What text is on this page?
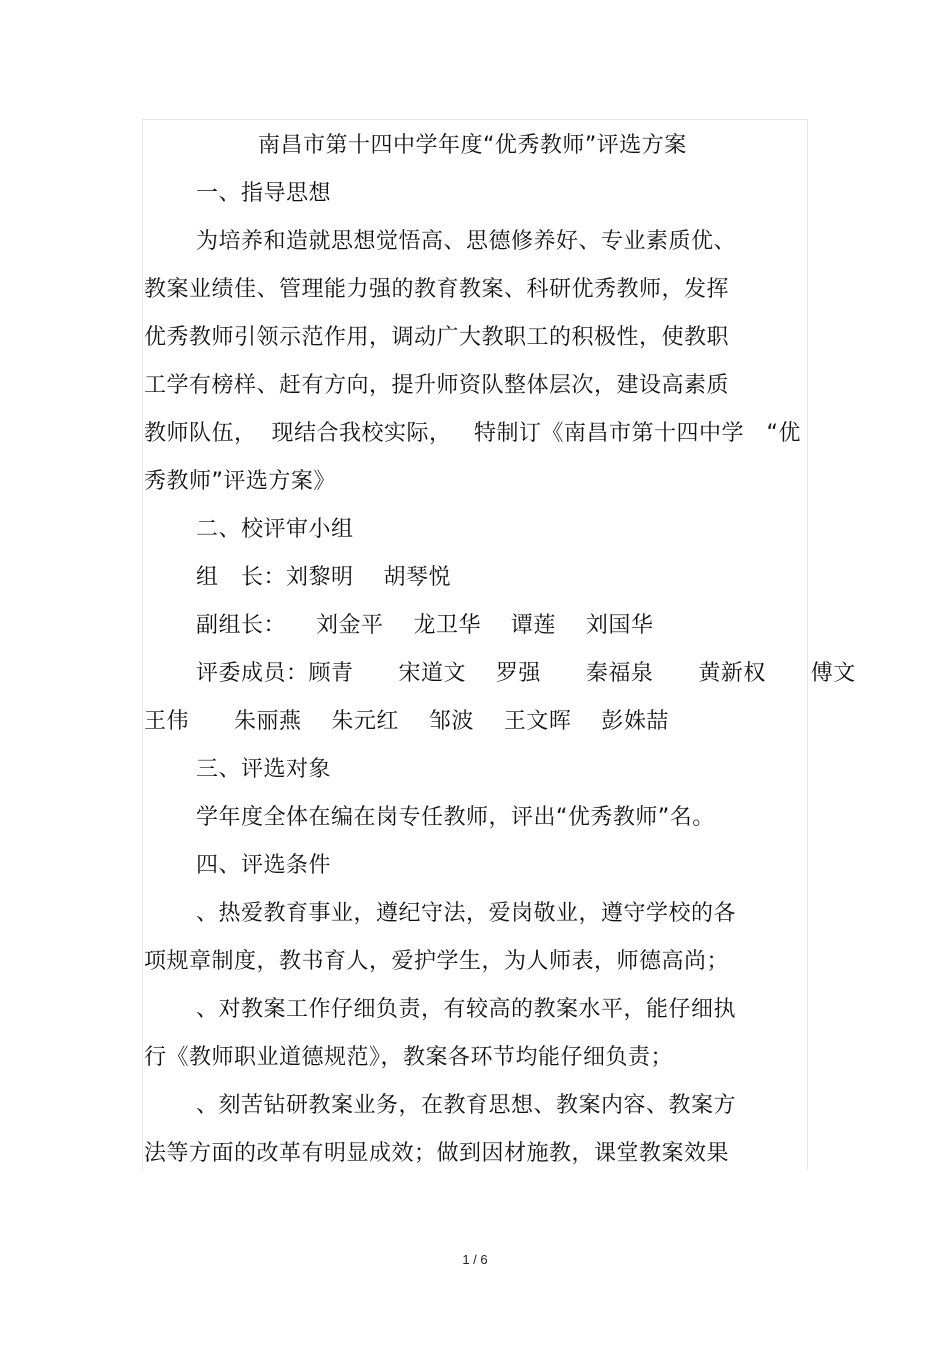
南昌市第十四中学年度“优秀教师”评选方案
一、指导思想
为培养和造就思想觉悟高、思德修养好、专业素质优、
教案业绩佳、管理能力强的教育教案、科研优秀教师，发挥
优秀教师引领示范作用，调动广大教职工的积极性，使教职
工学有榜样、赶有方向，提升师资队整体层次，建设高素质
教师队伍，  现结合我校实际，   特制订《南昌市第十四中学   “优
秀教师”评选方案》
二、校评审小组
组   长：刘黎明    胡琴悦
副组长：    刘金平    龙卫华    谭莲    刘国华
评委成员：顾青      宋道文    罗强      秦福泉      黄新权      傅文
王伟      朱丽燕    朱元红    邹波    王文晖    彭姝喆
三、评选对象
学年度全体在编在岗专任教师，评出“优秀教师”名。
四、评选条件
、热爱教育事业，遵纪守法，爱岗敬业，遵守学校的各
项规章制度，教书育人，爱护学生，为人师表，师德高尚；
、对教案工作仔细负责，有较高的教案水平，能仔细执
行《教师职业道德规范》，教案各环节均能仔细负责；
、刻苦钻研教案业务，在教育思想、教案内容、教案方
法等方面的改革有明显成效；做到因材施教，课堂教案效果
1 / 6
